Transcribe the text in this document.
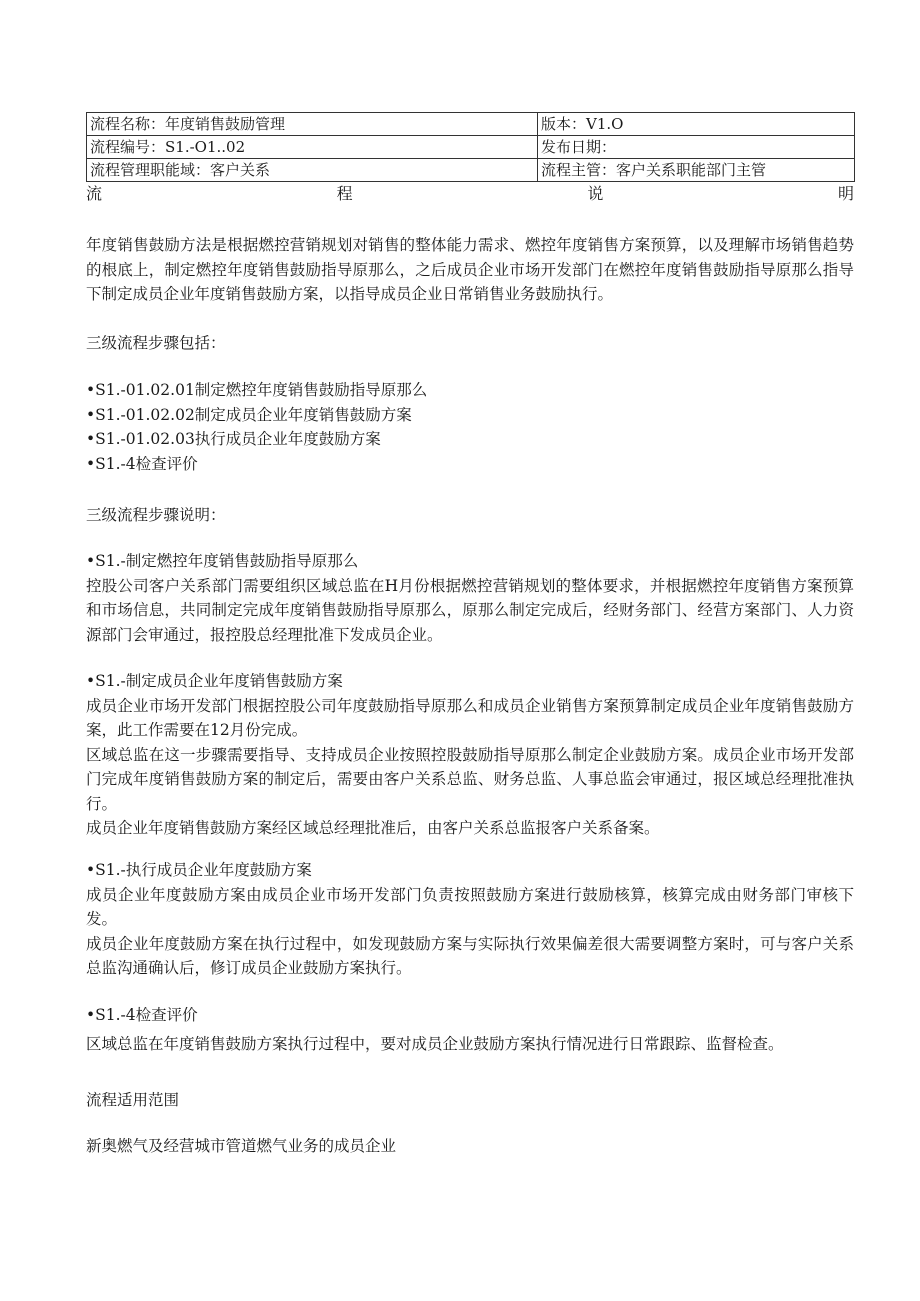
流程名称：年度销售鼓励管理	版本：V1.O
流程编号：S1.-O1..02	发布日期：
流程管理职能域：客户关系	流程主管：客户关系职能部门主管
流	程	说	明

年度销售鼓励方法是根据燃控营销规划对销售的整体能力需求、燃控年度销售方案预算，以及理解市场销售趋势的根底上，制定燃控年度销售鼓励指导原那么，之后成员企业市场开发部门在燃控年度销售鼓励指导原那么指导下制定成员企业年度销售鼓励方案，以指导成员企业日常销售业务鼓励执行。

三级流程步骤包括：

•S1.-01.02.01制定燃控年度销售鼓励指导原那么

•S1.-01.02.02制定成员企业年度销售鼓励方案

•S1.-01.02.03执行成员企业年度鼓励方案

•S1.-4检查评价

三级流程步骤说明：

•S1.-制定燃控年度销售鼓励指导原那么

控股公司客户关系部门需要组织区域总监在H月份根据燃控营销规划的整体要求，并根据燃控年度销售方案预算和市场信息，共同制定完成年度销售鼓励指导原那么，原那么制定完成后，经财务部门、经营方案部门、人力资源部门会审通过，报控股总经理批准下发成员企业。

•S1.-制定成员企业年度销售鼓励方案

成员企业市场开发部门根据控股公司年度鼓励指导原那么和成员企业销售方案预算制定成员企业年度销售鼓励方案，此工作需要在12月份完成。

区域总监在这一步骤需要指导、支持成员企业按照控股鼓励指导原那么制定企业鼓励方案。成员企业市场开发部门完成年度销售鼓励方案的制定后，需要由客户关系总监、财务总监、人事总监会审通过，报区域总经理批准执行。

成员企业年度销售鼓励方案经区域总经理批准后，由客户关系总监报客户关系备案。

•S1.-执行成员企业年度鼓励方案

成员企业年度鼓励方案由成员企业市场开发部门负责按照鼓励方案进行鼓励核算，核算完成由财务部门审核下发。

成员企业年度鼓励方案在执行过程中，如发现鼓励方案与实际执行效果偏差很大需要调整方案时，可与客户关系总监沟通确认后，修订成员企业鼓励方案执行。

•S1.-4检查评价

区域总监在年度销售鼓励方案执行过程中，要对成员企业鼓励方案执行情况进行日常跟踪、监督检查。

流程适用范围

新奥燃气及经营城市管道燃气业务的成员企业
